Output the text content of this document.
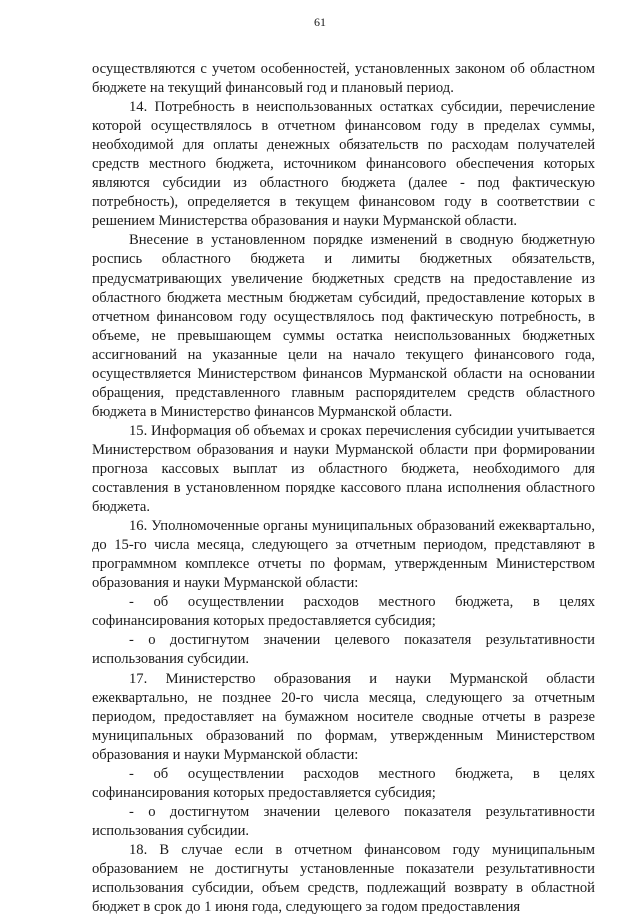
61

осуществляются с учетом особенностей, установленных законом об областном бюджете на текущий финансовый год и плановый период.

14. Потребность в неиспользованных остатках субсидии, перечисление которой осуществлялось в отчетном финансовом году в пределах суммы, необходимой для оплаты денежных обязательств по расходам получателей средств местного бюджета, источником финансового обеспечения которых являются субсидии из областного бюджета (далее - под фактическую потребность), определяется в текущем финансовом году в соответствии с решением Министерства образования и науки Мурманской области.

Внесение в установленном порядке изменений в сводную бюджетную роспись областного бюджета и лимиты бюджетных обязательств, предусматривающих увеличение бюджетных средств на предоставление из областного бюджета местным бюджетам субсидий, предоставление которых в отчетном финансовом году осуществлялось под фактическую потребность, в объеме, не превышающем суммы остатка неиспользованных бюджетных ассигнований на указанные цели на начало текущего финансового года, осуществляется Министерством финансов Мурманской области на основании обращения, представленного главным распорядителем средств областного бюджета в Министерство финансов Мурманской области.

15. Информация об объемах и сроках перечисления субсидии учитывается Министерством образования и науки Мурманской области при формировании прогноза кассовых выплат из областного бюджета, необходимого для составления в установленном порядке кассового плана исполнения областного бюджета.

16. Уполномоченные органы муниципальных образований ежеквартально, до 15-го числа месяца, следующего за отчетным периодом, представляют в программном комплексе отчеты по формам, утвержденным Министерством образования и науки Мурманской области:

- об осуществлении расходов местного бюджета, в целях софинансирования которых предоставляется субсидия;

- о достигнутом значении целевого показателя результативности использования субсидии.

17. Министерство образования и науки Мурманской области ежеквартально, не позднее 20-го числа месяца, следующего за отчетным периодом, предоставляет на бумажном носителе сводные отчеты в разрезе муниципальных образований по формам, утвержденным Министерством образования и науки Мурманской области:

- об осуществлении расходов местного бюджета, в целях софинансирования которых предоставляется субсидия;

- о достигнутом значении целевого показателя результативности использования субсидии.

18. В случае если в отчетном финансовом году муниципальным образованием не достигнуты установленные показатели результативности использования субсидии, объем средств, подлежащий возврату в областной бюджет в срок до 1 июня года, следующего за годом предоставления
